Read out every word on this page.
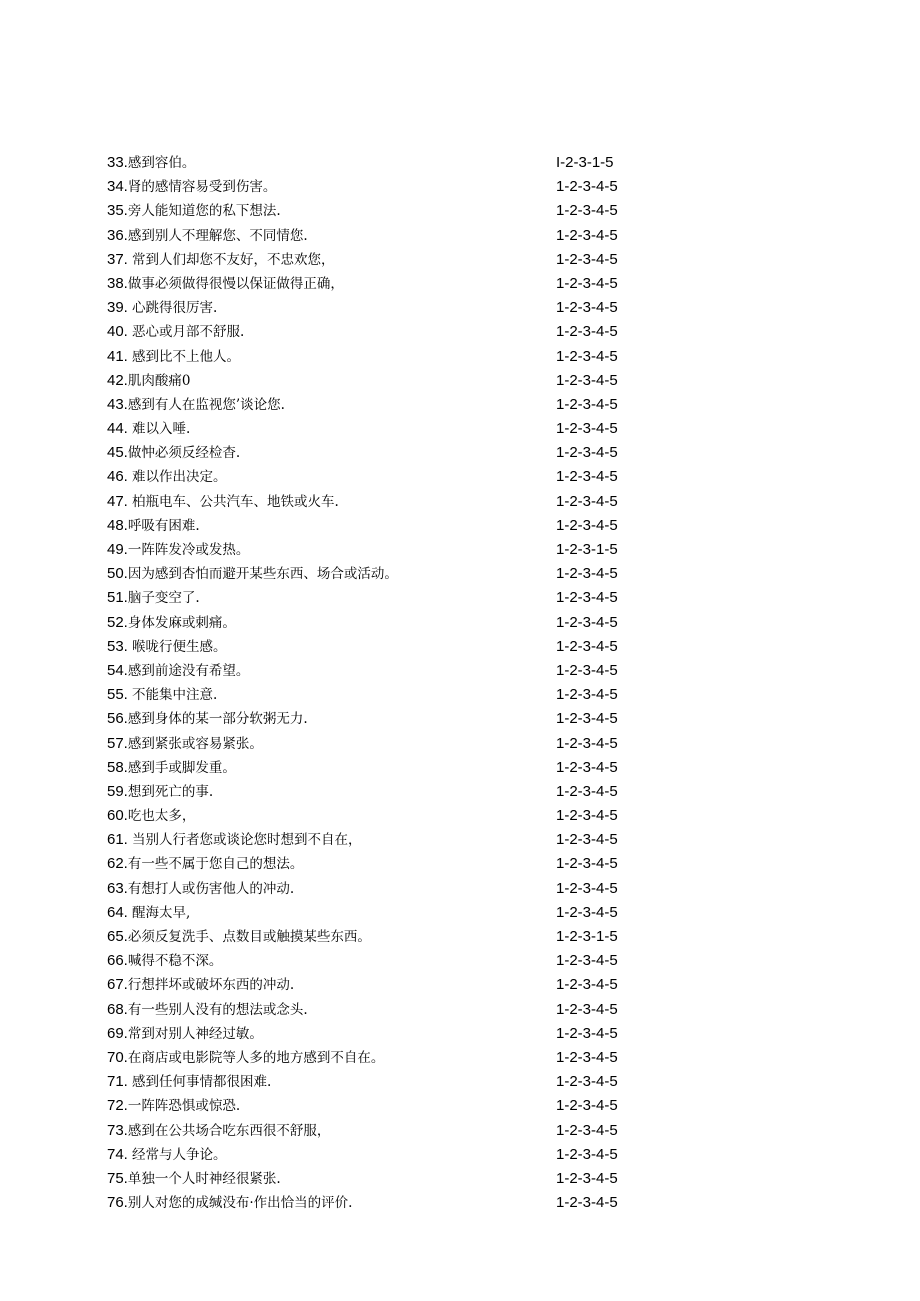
33.感到容伯。	I-2-3-1-5
34.肾的感情容易受到伤害。	1-2-3-4-5
35.旁人能知道您的私下想法.	1-2-3-4-5
36.感到别人不理解您、不同情您.	1-2-3-4-5
37. 常到人们却您不友好，不忠欢您，	1-2-3-4-5
38.做事必须做得很慢以保证做得正确，	1-2-3-4-5
39. 心跳得很厉害.	1-2-3-4-5
40. 恶心或月部不舒服.	1-2-3-4-5
41. 感到比不上他人。	1-2-3-4-5
42.肌肉酸痛0	1-2-3-4-5
43.感到有人在监视您’谈论您.	1-2-3-4-5
44. 难以入唾.	1-2-3-4-5
45.做忡必须反经检杳.	1-2-3-4-5
46. 难以作出决定。	1-2-3-4-5
47. 柏瓶电车、公共汽车、地铁或火车.	1-2-3-4-5
48.呼吸有困难.	1-2-3-4-5
49.一阵阵发冷或发热。	1-2-3-1-5
50.因为感到杏怕而避开某些东西、场合或活动。	1-2-3-4-5
51.脑子变空了.	1-2-3-4-5
52.身体发麻或刺痛。	1-2-3-4-5
53. 喉咙行便生感。	1-2-3-4-5
54.感到前途没有希望。	1-2-3-4-5
55. 不能集中注意.	1-2-3-4-5
56.感到身体的某一部分软粥无力.	1-2-3-4-5
57.感到紧张或容易紧张。	1-2-3-4-5
58.感到手或脚发重。	1-2-3-4-5
59.想到死亡的事.	1-2-3-4-5
60.吃也太多，	1-2-3-4-5
61. 当别人行者您或谈论您时想到不自在，	1-2-3-4-5
62.有一些不属于您自己的想法。	1-2-3-4-5
63.有想打人或伤害他人的冲动.	1-2-3-4-5
64. 醒海太早,	1-2-3-4-5
65.必须反复洗手、点数目或触摸某些东西。	1-2-3-1-5
66.喊得不稳不深。	1-2-3-4-5
67.行想拌坏或破坏东西的冲动.	1-2-3-4-5
68.有一些别人没有的想法或念头.	1-2-3-4-5
69.常到对别人神经过敏。	1-2-3-4-5
70.在商店或电影院等人多的地方感到不自在。	1-2-3-4-5
71. 感到任何事情都很困难.	1-2-3-4-5
72.一阵阵恐惧或惊恐.	1-2-3-4-5
73.感到在公共场合吃东西很不舒服，	1-2-3-4-5
74. 经常与人争论。	1-2-3-4-5
75.单独一个人时神经很紧张.	1-2-3-4-5
76.别人对您的成缄没布·作出恰当的评价.	1-2-3-4-5
